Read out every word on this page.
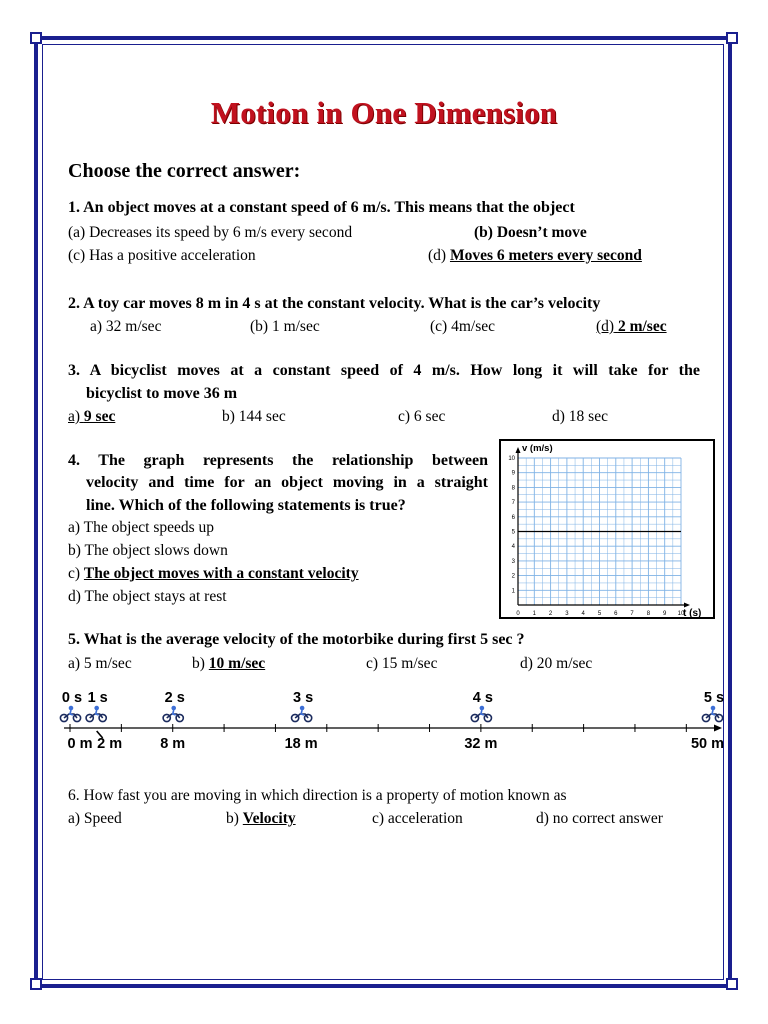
Motion in One Dimension
Choose the correct answer:
1. An object moves at a constant speed of 6 m/s. This means that the object
(a) Decreases its speed by 6 m/s every second	(b) Doesn’t move
(c) Has a positive acceleration	(d) Moves 6 meters every second
2. A toy car moves 8 m in 4 s at the constant velocity. What is the car’s velocity
a) 32 m/sec	(b) 1 m/sec	(c) 4m/sec	(d) 2 m/sec
3. A bicyclist moves at a constant speed of 4 m/s. How long it will take for the
bicyclist to move 36 m
a) 9 sec	b) 144 sec	c) 6 sec	d) 18 sec
4. The graph represents the relationship between
velocity and time for an object moving in a straight
line. Which of the following statements is true?
a) The object speeds up
b) The object slows down
c) The object moves with a constant velocity
d) The object stays at rest
0 1 2 3 4 5 6 7 8 9 10
1
2
3
4
5
6
7
8
9
10
v (m/s)
t (s)
5. What is the average velocity of the motorbike during first 5 sec ?
a) 5 m/sec	b) 10 m/sec	c) 15 m/sec	d) 20 m/sec
0 s
0 m
1 s
2 m
2 s
8 m
3 s
18 m
4 s
32 m
5 s
50 m
6. How fast you are moving in which direction is a property of motion known as
a) Speed	b) Velocity	c) acceleration	d) no correct answer
